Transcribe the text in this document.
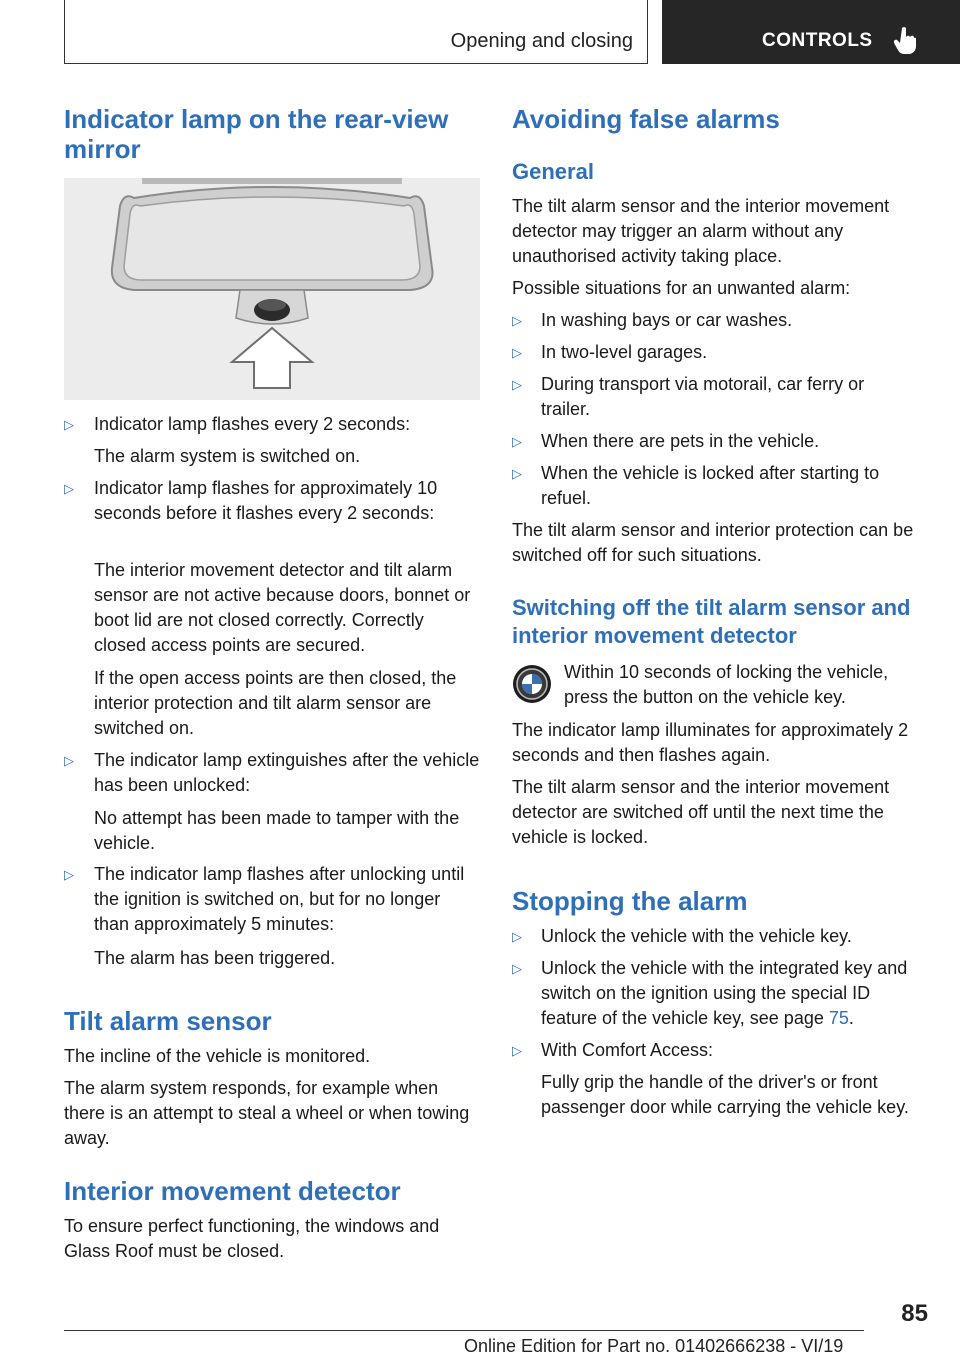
Opening and closing	CONTROLS
Indicator lamp on the rear-view mirror
▷ Indicator lamp flashes every 2 seconds:

The alarm system is switched on.

▷ Indicator lamp flashes for approximately 10 seconds before it flashes every 2 seconds:

The interior movement detector and tilt alarm sensor are not active because doors, bonnet or boot lid are not closed correctly. Correctly closed access points are secured.

If the open access points are then closed, the interior protection and tilt alarm sensor are switched on.

▷ The indicator lamp extinguishes after the vehicle has been unlocked:

No attempt has been made to tamper with the vehicle.

▷ The indicator lamp flashes after unlocking until the ignition is switched on, but for no longer than approximately 5 minutes:

The alarm has been triggered.

Tilt alarm sensor

The incline of the vehicle is monitored.

The alarm system responds, for example when there is an attempt to steal a wheel or when towing away.

Interior movement detector

To ensure perfect functioning, the windows and Glass Roof must be closed.

Avoiding false alarms
General

The tilt alarm sensor and the interior movement detector may trigger an alarm without any unauthorised activity taking place.

Possible situations for an unwanted alarm:

▷ In washing bays or car washes.

▷ In two-level garages.

▷ During transport via motorail, car ferry or trailer.

▷ When there are pets in the vehicle.

▷ When the vehicle is locked after starting to refuel.

The tilt alarm sensor and interior protection can be switched off for such situations.

Switching off the tilt alarm sensor and interior movement detector

Within 10 seconds of locking the vehicle, press the button on the vehicle key.

The indicator lamp illuminates for approximately 2 seconds and then flashes again.

The tilt alarm sensor and the interior movement detector are switched off until the next time the vehicle is locked.

Stopping the alarm
▷ Unlock the vehicle with the vehicle key.

▷ Unlock the vehicle with the integrated key and switch on the ignition using the special ID feature of the vehicle key, see page 75.

▷ With Comfort Access:

Fully grip the handle of the driver's or front passenger door while carrying the vehicle key.

85
Online Edition for Part no. 01402666238 - VI/19
